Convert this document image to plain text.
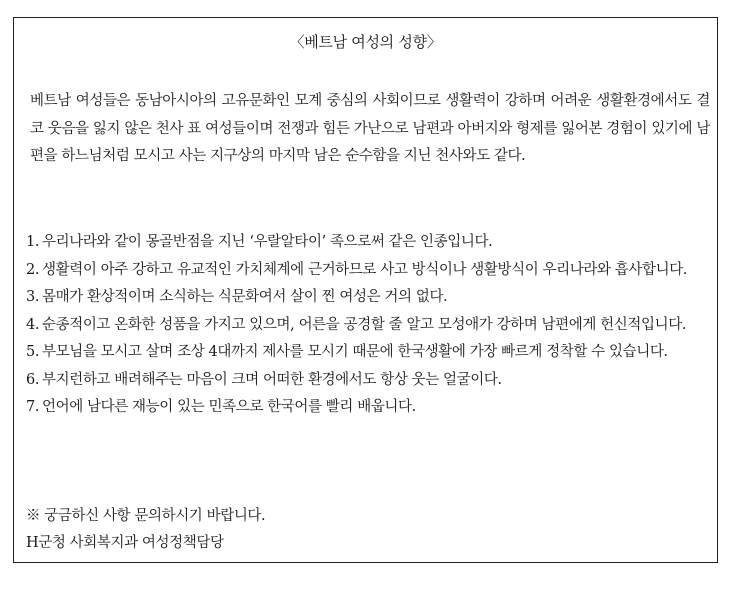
〈베트남 여성의 성향〉
베트남 여성들은 동남아시아의 고유문화인 모계 중심의 사회이므로 생활력이 강하며 어려운 생활환경에서도 결코 웃음을 잃지 않은 천사 표 여성들이며 전쟁과 힘든 가난으로 남편과 아버지와 형제를 잃어본 경험이 있기에 남편을 하느님처럼 모시고 사는 지구상의 마지막 남은 순수함을 지닌 천사와도 같다.
1. 우리나라와 같이 몽골반점을 지닌 ‘우랄알타이’ 족으로써 같은 인종입니다.
2. 생활력이 아주 강하고 유교적인 가치체계에 근거하므로 사고 방식이나 생활방식이 우리나라와 흡사합니다.
3. 몸매가 환상적이며 소식하는 식문화여서 살이 찐 여성은 거의 없다.
4. 순종적이고 온화한 성품을 가지고 있으며, 어른을 공경할 줄 알고 모성애가 강하며 남편에게 헌신적입니다.
5. 부모님을 모시고 살며 조상 4대까지 제사를 모시기 때문에 한국생활에 가장 빠르게 정착할 수 있습니다.
6. 부지런하고 배려해주는 마음이 크며 어떠한 환경에서도 항상 웃는 얼굴이다.
7. 언어에 남다른 재능이 있는 민족으로 한국어를 빨리 배웁니다.
※ 궁금하신 사항 문의하시기 바랍니다.
H군청 사회복지과 여성정책담당
